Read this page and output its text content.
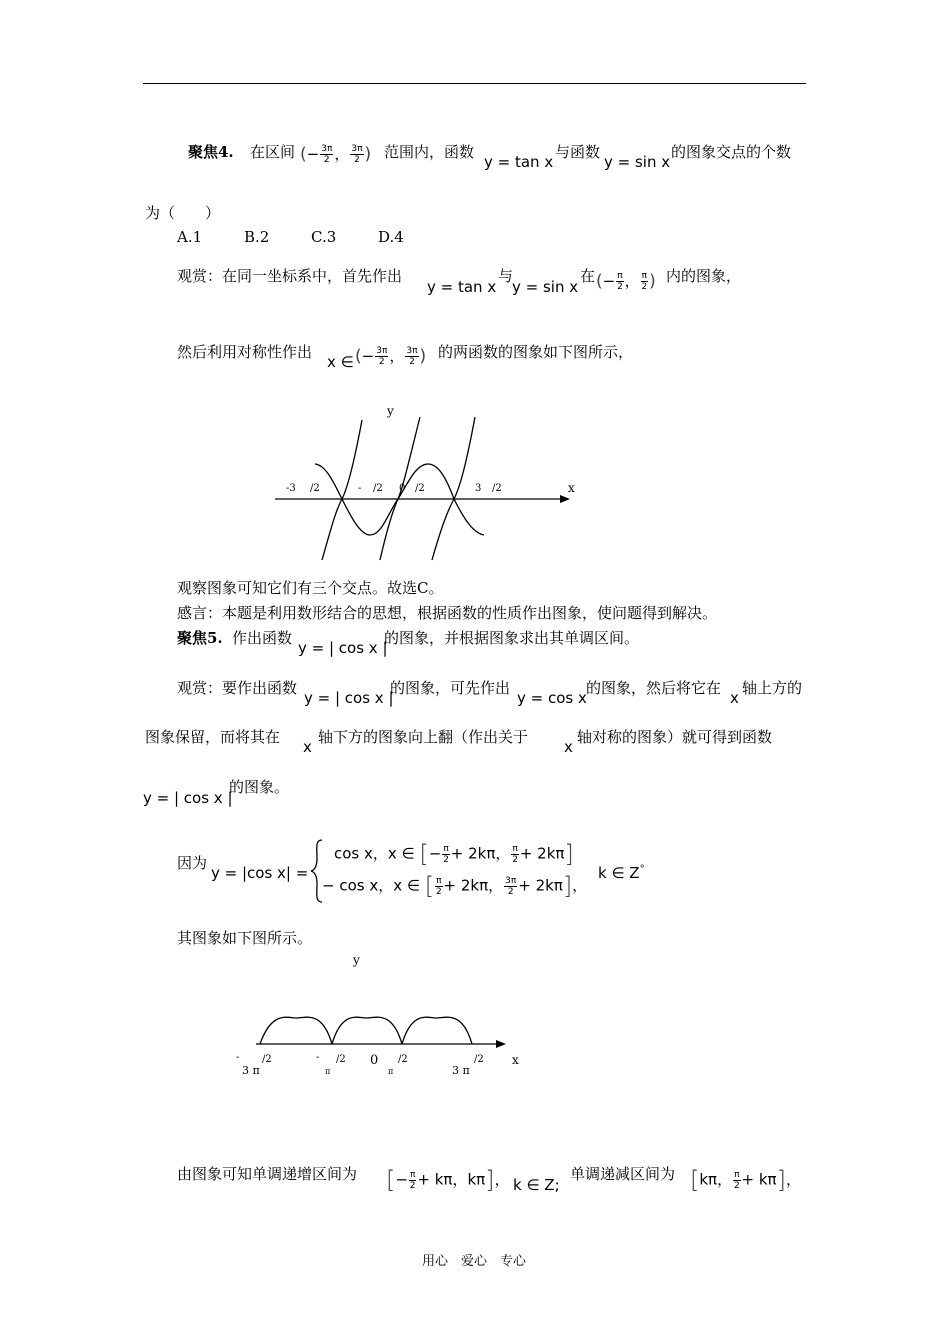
聚焦4. 在区间 (− $\frac{3\pi}{2}$ ， $\frac{3\pi}{2}$ ) 范围内，函数
y = tan x
与函数
y = sin x
的图象交点的个数
为（　　）
A.1	B.2	C.3	D.4
观赏：在同一坐标系中，首先作出
y = tan x
与
y = sin x
在 (− $\frac{\pi}{2}$ ， $\frac{\pi}{2}$ ) 内的图象，
然后利用对称性作出
x ∈ (− $\frac{3\pi}{2}$ ， $\frac{3\pi}{2}$ ) 的两函数的图象如下图所示，
y
x
-3 /2	- /2 0 /2	3 /2
观察图象可知它们有三个交点。故选C。
感言：本题是利用数形结合的思想，根据函数的性质作出图象，使问题得到解决。
聚焦5. 作出函数
y = | cos x |
的图象，并根据图象求出其单调区间。
观赏：要作出函数
y = | cos x |
的图象，可先作出
y = cos x
的图象，然后将它在
x
轴上方的
图象保留，而将其在
x
轴下方的图象向上翻（作出关于
x
轴对称的图象）就可得到函数
y = | cos x |
的图象。
因为
y = |cos x| =
cos x，x ∈ [− $\frac{\pi}{2} + 2k\pi$， $\frac{\pi}{2} + 2k\pi$]
− cos x，x ∈ [ $\frac{\pi}{2} + 2k\pi$， $\frac{3\pi}{2} + 2k\pi$]，
k ∈ Z°
其图象如下图所示。
y
x
-
3 π
/2	-
π
/2 0
π
/2
3 π
/2
由图象可知单调递增区间为 [− $\frac{\pi}{2} + k\pi$，kπ]， k ∈ Z;
单调递减区间为 [kπ， $\frac{\pi}{2} + k\pi$]，
用心　爱心　专心
